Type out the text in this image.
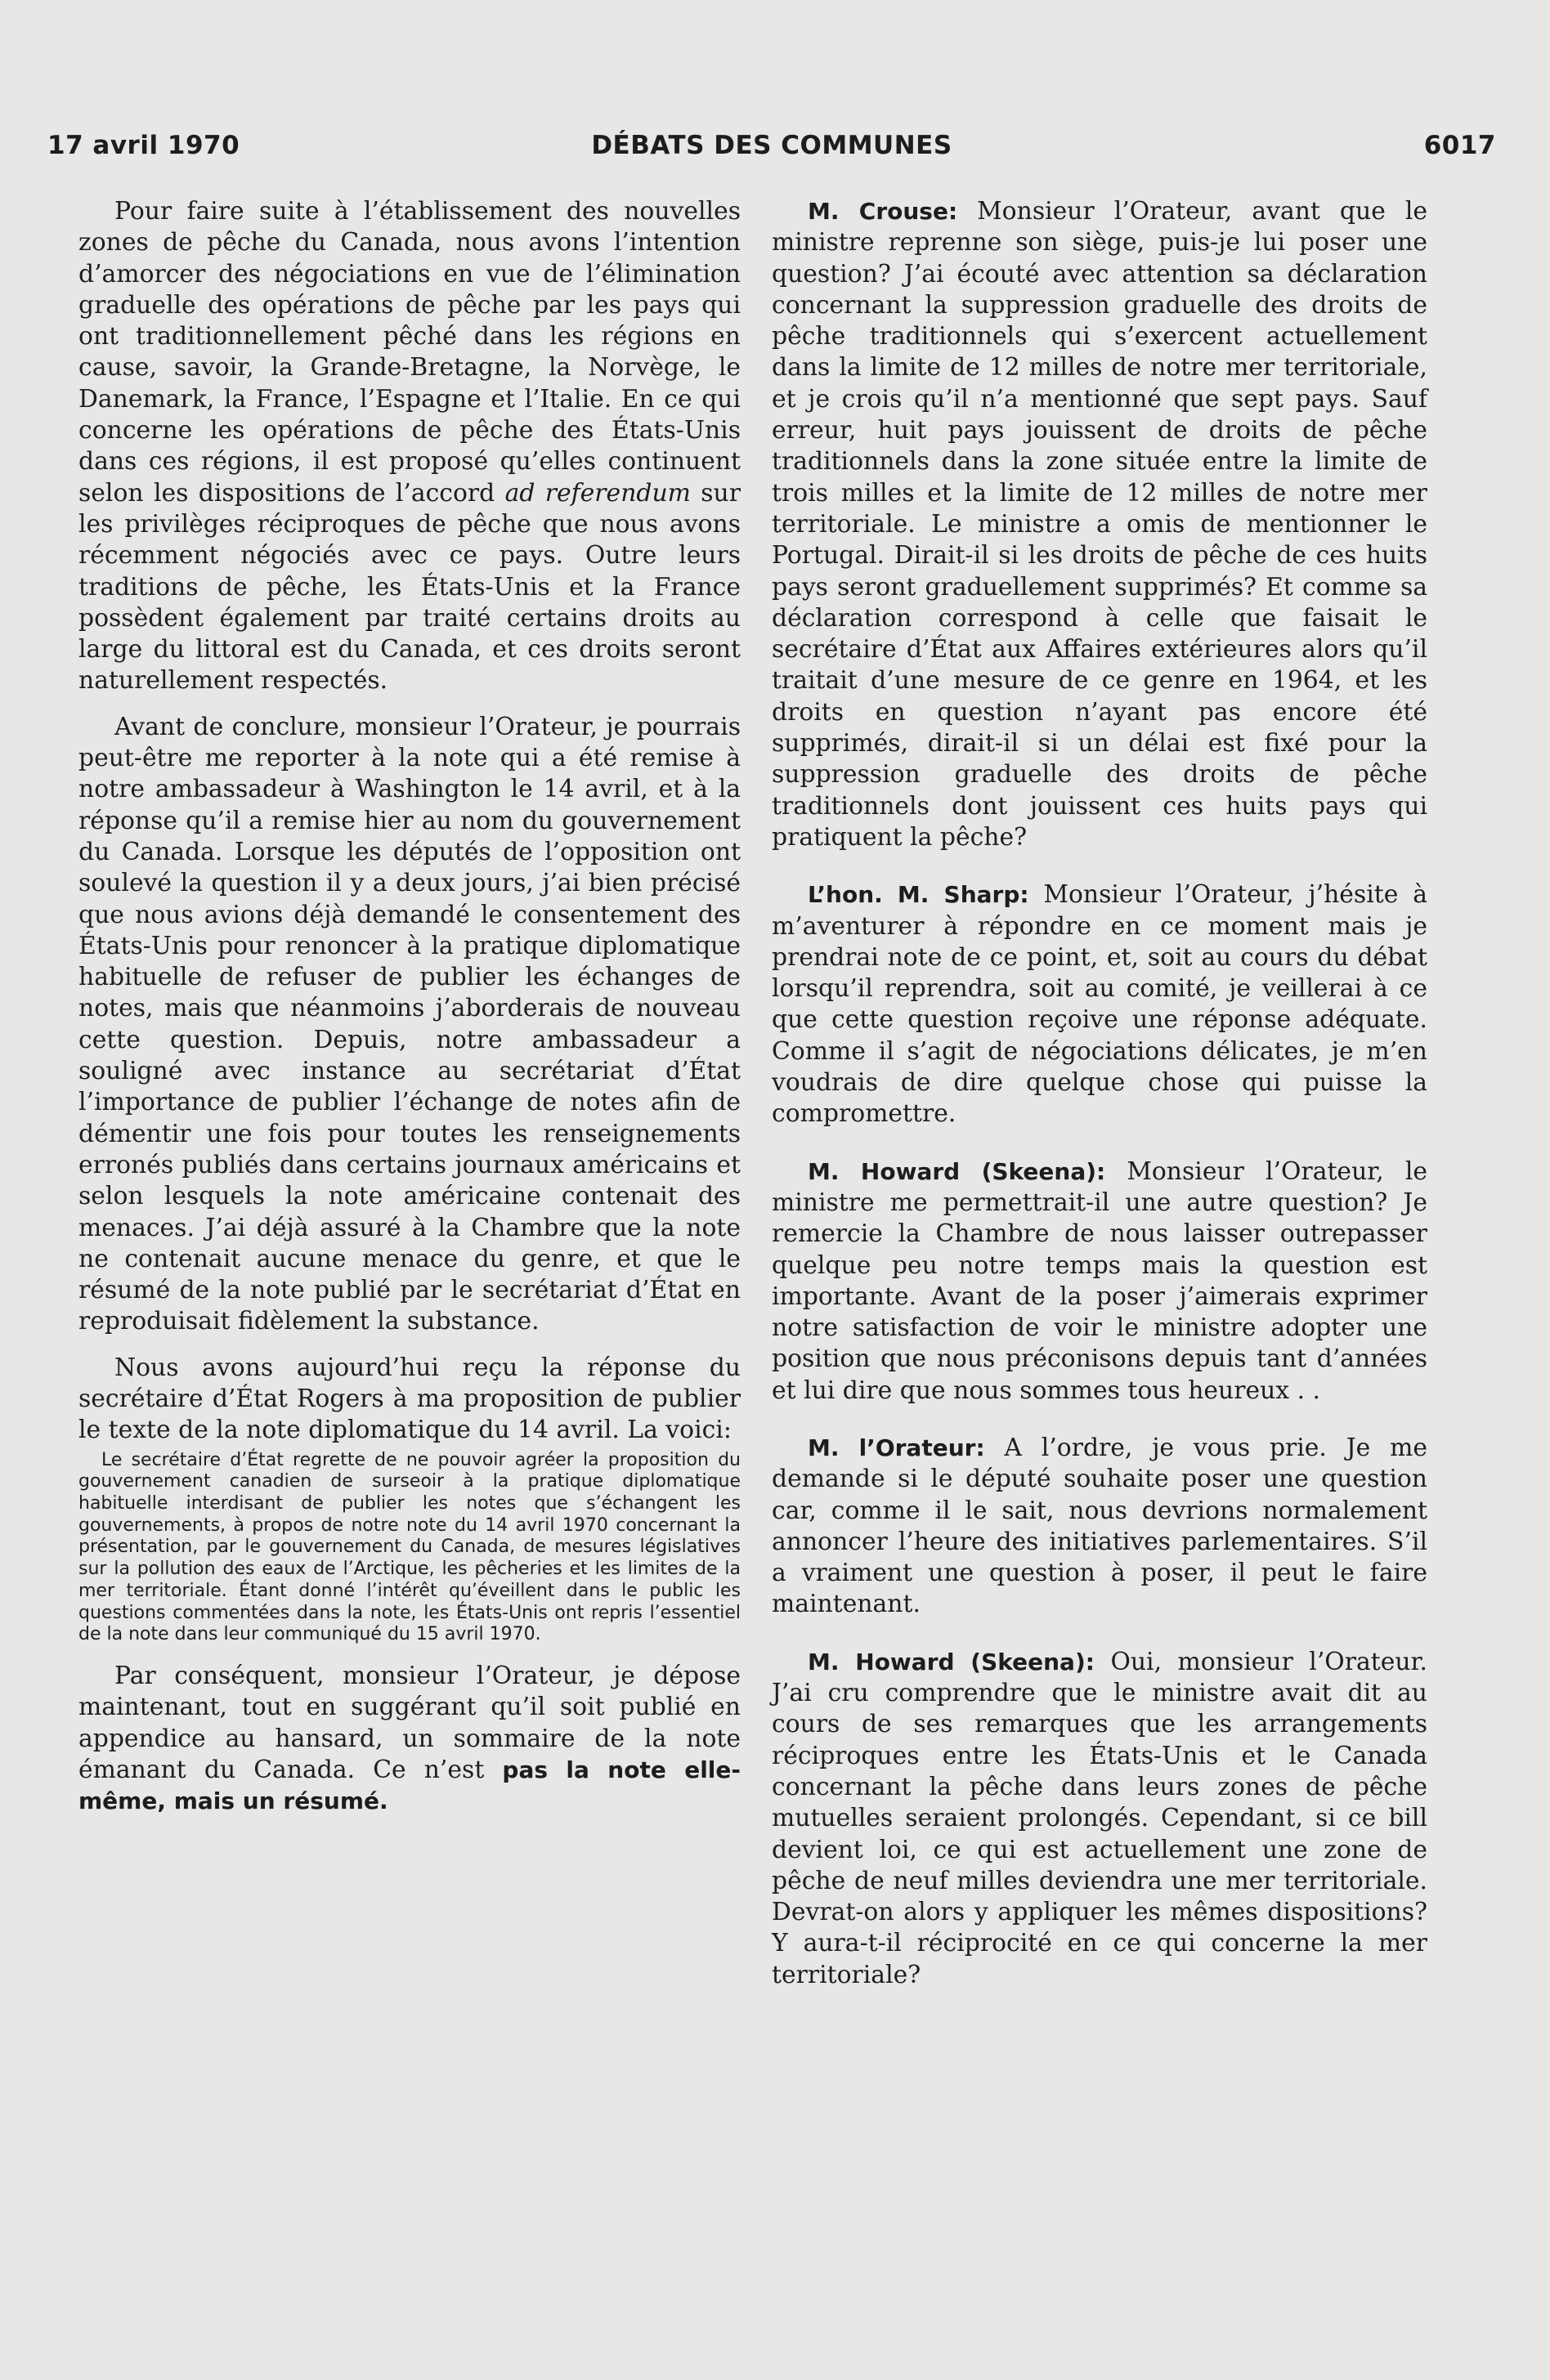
17 avril 1970	DÉBATS DES COMMUNES	6017

Pour faire suite à l’établissement des nouvelles zones de pêche du Canada, nous avons l’intention d’amorcer des négociations en vue de l’élimination graduelle des opérations de pêche par les pays qui ont traditionnellement pêché dans les régions en cause, savoir, la Grande-Bretagne, la Norvège, le Danemark, la France, l’Espagne et l’Italie. En ce qui concerne les opérations de pêche des États-Unis dans ces régions, il est proposé qu’elles continuent selon les dispositions de l’accord ad referendum sur les privilèges réciproques de pêche que nous avons récemment négociés avec ce pays. Outre leurs traditions de pêche, les États-Unis et la France possèdent également par traité certains droits au large du littoral est du Canada, et ces droits seront naturellement respectés.

Avant de conclure, monsieur l’Orateur, je pourrais peut-être me reporter à la note qui a été remise à notre ambassadeur à Washington le 14 avril, et à la réponse qu’il a remise hier au nom du gouvernement du Canada. Lorsque les députés de l’opposition ont soulevé la question il y a deux jours, j’ai bien précisé que nous avions déjà demandé le consentement des États-Unis pour renoncer à la pratique diplomatique habituelle de refuser de publier les échanges de notes, mais que néanmoins j’aborderais de nouveau cette question. Depuis, notre ambassadeur a souligné avec instance au secrétariat d’État l’importance de publier l’échange de notes afin de démentir une fois pour toutes les renseignements erronés publiés dans certains journaux américains et selon lesquels la note américaine contenait des menaces. J’ai déjà assuré à la Chambre que la note ne contenait aucune menace du genre, et que le résumé de la note publié par le secrétariat d’État en reproduisait fidèlement la substance.

Nous avons aujourd’hui reçu la réponse du secrétaire d’État Rogers à ma proposition de publier le texte de la note diplomatique du 14 avril. La voici:

Le secrétaire d’État regrette de ne pouvoir agréer la proposition du gouvernement canadien de surseoir à la pratique diplomatique habituelle interdisant de publier les notes que s’échangent les gouvernements, à propos de notre note du 14 avril 1970 concernant la présentation, par le gouvernement du Canada, de mesures législatives sur la pollution des eaux de l’Arctique, les pêcheries et les limites de la mer territoriale. Étant donné l’intérêt qu’éveillent dans le public les questions commentées dans la note, les États-Unis ont repris l’essentiel de la note dans leur communiqué du 15 avril 1970.

Par conséquent, monsieur l’Orateur, je dépose maintenant, tout en suggérant qu’il soit publié en appendice au hansard, un sommaire de la note émanant du Canada. Ce n’est pas la note elle-même, mais un résumé.

M. Crouse: Monsieur l’Orateur, avant que le ministre reprenne son siège, puis-je lui poser une question? J’ai écouté avec attention sa déclaration concernant la suppression graduelle des droits de pêche traditionnels qui s’exercent actuellement dans la limite de 12 milles de notre mer territoriale, et je crois qu’il n’a mentionné que sept pays. Sauf erreur, huit pays jouissent de droits de pêche traditionnels dans la zone située entre la limite de trois milles et la limite de 12 milles de notre mer territoriale. Le ministre a omis de mentionner le Portugal. Dirait-il si les droits de pêche de ces huits pays seront graduellement supprimés? Et comme sa déclaration correspond à celle que faisait le secrétaire d’État aux Affaires extérieures alors qu’il traitait d’une mesure de ce genre en 1964, et les droits en question n’ayant pas encore été supprimés, dirait-il si un délai est fixé pour la suppression graduelle des droits de pêche traditionnels dont jouissent ces huits pays qui pratiquent la pêche?

L’hon. M. Sharp: Monsieur l’Orateur, j’hésite à m’aventurer à répondre en ce moment mais je prendrai note de ce point, et, soit au cours du débat lorsqu’il reprendra, soit au comité, je veillerai à ce que cette question reçoive une réponse adéquate. Comme il s’agit de négociations délicates, je m’en voudrais de dire quelque chose qui puisse la compromettre.

M. Howard (Skeena): Monsieur l’Orateur, le ministre me permettrait-il une autre question? Je remercie la Chambre de nous laisser outrepasser quelque peu notre temps mais la question est importante. Avant de la poser j’aimerais exprimer notre satisfaction de voir le ministre adopter une position que nous préconisons depuis tant d’années et lui dire que nous sommes tous heureux . .

M. l’Orateur: A l’ordre, je vous prie. Je me demande si le député souhaite poser une question car, comme il le sait, nous devrions normalement annoncer l’heure des initiatives parlementaires. S’il a vraiment une question à poser, il peut le faire maintenant.

M. Howard (Skeena): Oui, monsieur l’Orateur. J’ai cru comprendre que le ministre avait dit au cours de ses remarques que les arrangements réciproques entre les États-Unis et le Canada concernant la pêche dans leurs zones de pêche mutuelles seraient prolongés. Cependant, si ce bill devient loi, ce qui est actuellement une zone de pêche de neuf milles deviendra une mer territoriale. Devrat-on alors y appliquer les mêmes dispositions? Y aura-t-il réciprocité en ce qui concerne la mer territoriale?
